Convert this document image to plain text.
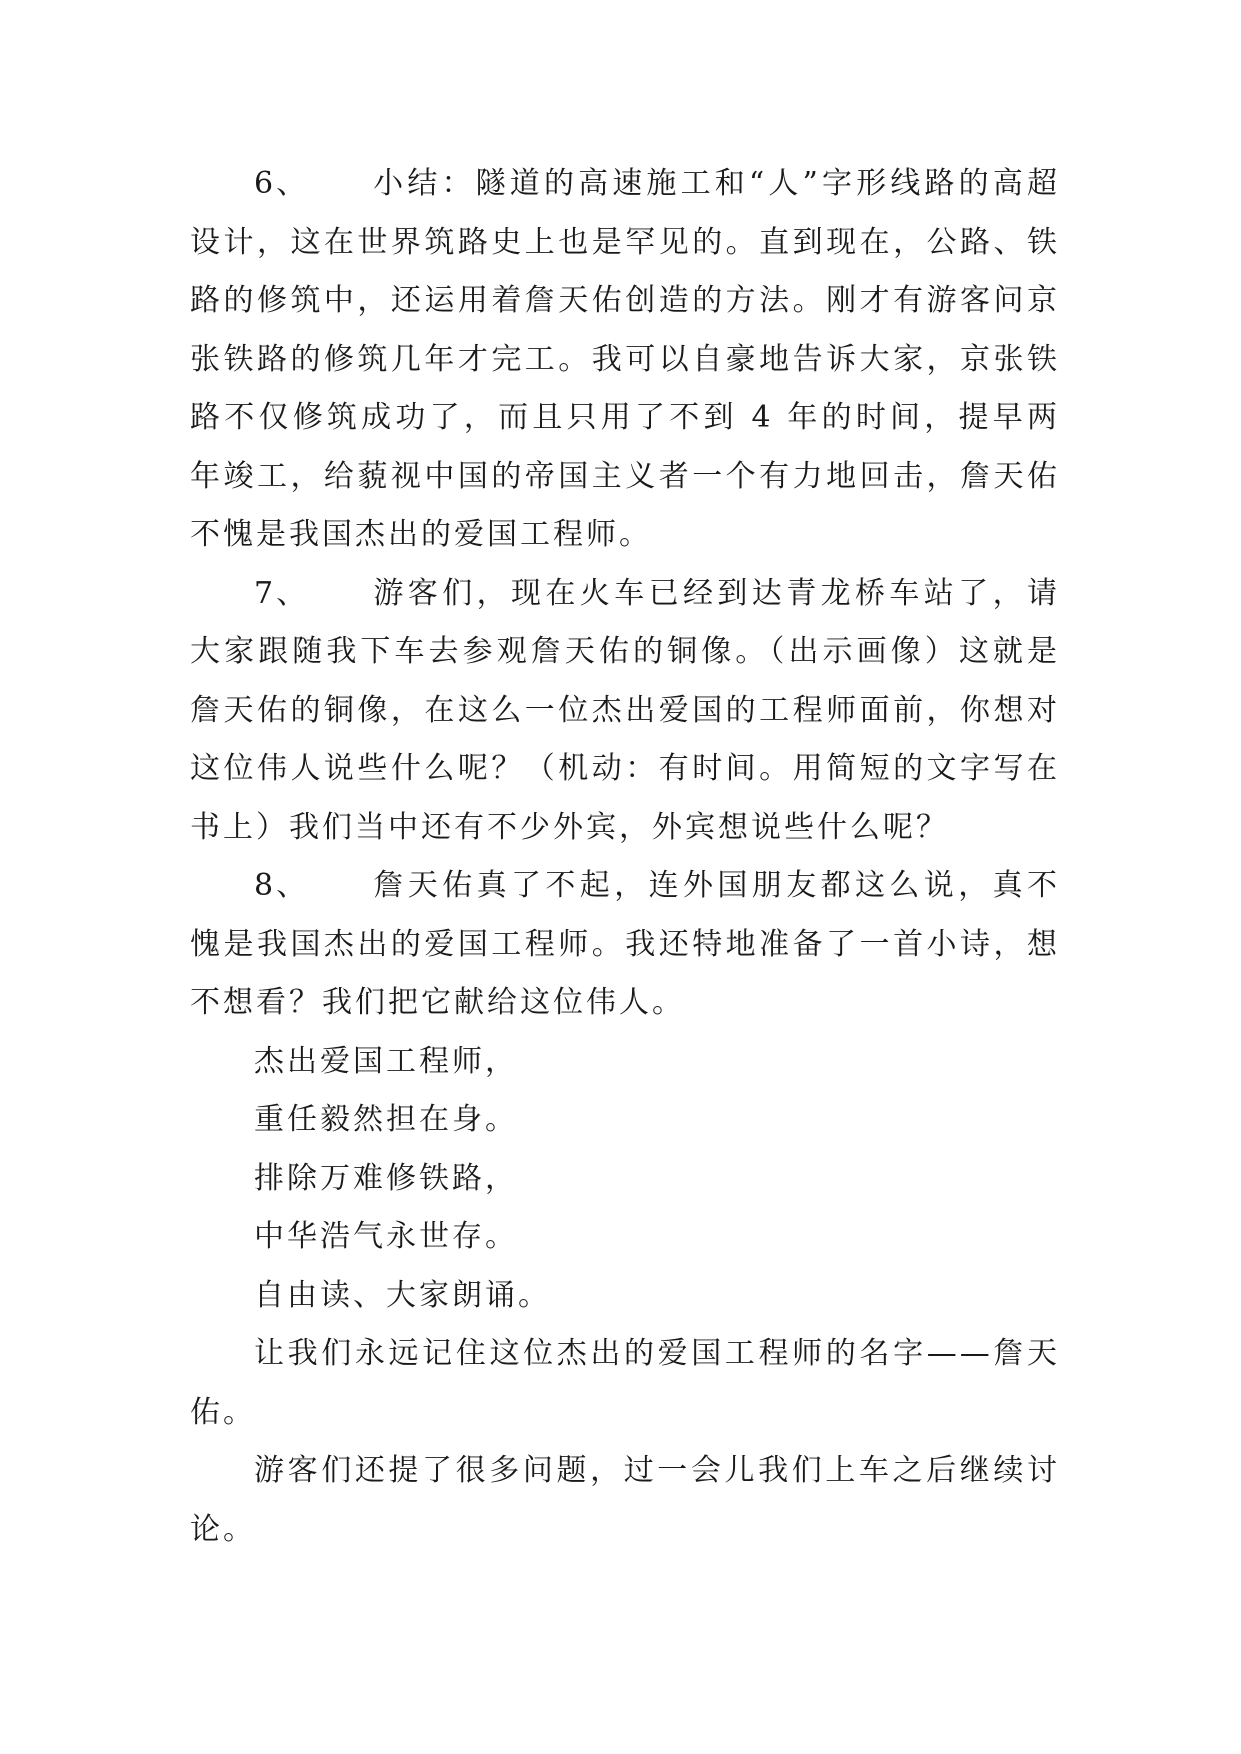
6、 小结：隧道的高速施工和“人”字形线路的高超设计，这在世界筑路史上也是罕见的。直到现在，公路、铁路的修筑中，还运用着詹天佑创造的方法。刚才有游客问京张铁路的修筑几年才完工。我可以自豪地告诉大家，京张铁路不仅修筑成功了，而且只用了不到 4 年的时间，提早两年竣工，给藐视中国的帝国主义者一个有力地回击，詹天佑不愧是我国杰出的爱国工程师。

7、 游客们，现在火车已经到达青龙桥车站了，请大家跟随我下车去参观詹天佑的铜像。（出示画像）这就是詹天佑的铜像，在这么一位杰出爱国的工程师面前，你想对这位伟人说些什么呢？（机动：有时间。用简短的文字写在书上）我们当中还有不少外宾，外宾想说些什么呢？

8、 詹天佑真了不起，连外国朋友都这么说，真不愧是我国杰出的爱国工程师。我还特地准备了一首小诗，想不想看？我们把它献给这位伟人。

杰出爱国工程师，

重任毅然担在身。

排除万难修铁路，

中华浩气永世存。

自由读、大家朗诵。

让我们永远记住这位杰出的爱国工程师的名字——詹天佑。

游客们还提了很多问题，过一会儿我们上车之后继续讨论。
